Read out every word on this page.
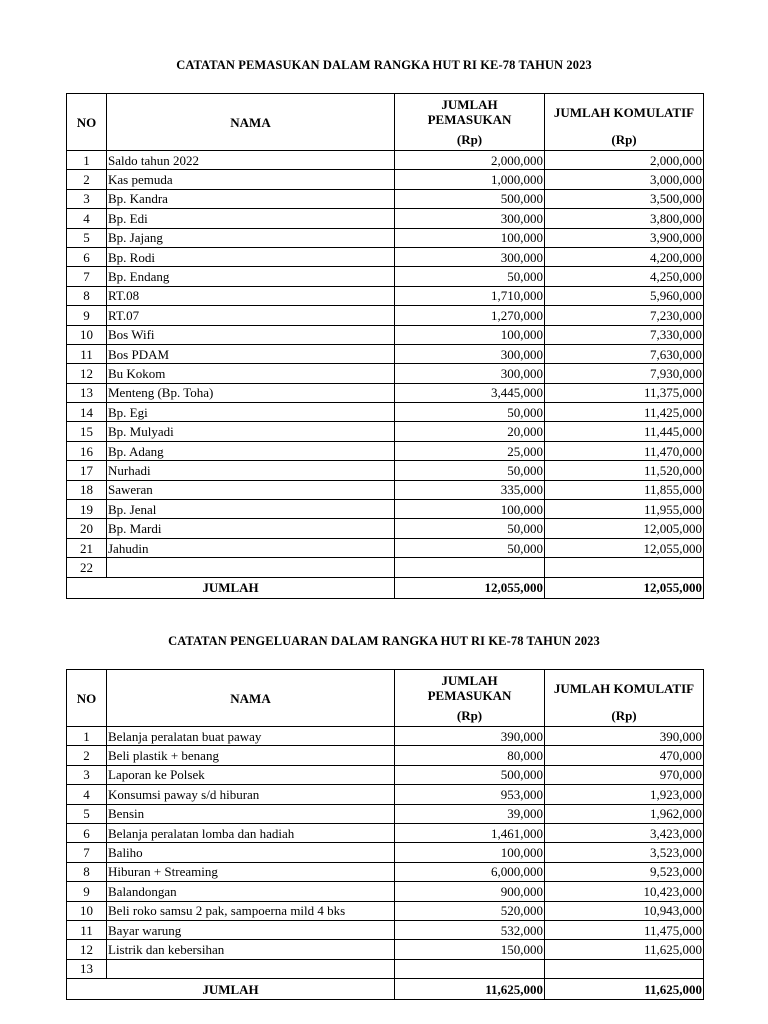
CATATAN PEMASUKAN DALAM RANGKA HUT RI KE-78 TAHUN 2023
NO	NAMA	JUMLAH PEMASUKAN	JUMLAH KOMULATIF
		(Rp)	(Rp)
1	Saldo tahun 2022	2,000,000	2,000,000
2	Kas pemuda	1,000,000	3,000,000
3	Bp. Kandra	500,000	3,500,000
4	Bp. Edi	300,000	3,800,000
5	Bp. Jajang	100,000	3,900,000
6	Bp. Rodi	300,000	4,200,000
7	Bp. Endang	50,000	4,250,000
8	RT.08	1,710,000	5,960,000
9	RT.07	1,270,000	7,230,000
10	Bos Wifi	100,000	7,330,000
11	Bos PDAM	300,000	7,630,000
12	Bu Kokom	300,000	7,930,000
13	Menteng (Bp. Toha)	3,445,000	11,375,000
14	Bp. Egi	50,000	11,425,000
15	Bp. Mulyadi	20,000	11,445,000
16	Bp. Adang	25,000	11,470,000
17	Nurhadi	50,000	11,520,000
18	Saweran	335,000	11,855,000
19	Bp. Jenal	100,000	11,955,000
20	Bp. Mardi	50,000	12,005,000
21	Jahudin	50,000	12,055,000
22			
JUMLAH		12,055,000	12,055,000
CATATAN PENGELUARAN DALAM RANGKA HUT RI KE-78 TAHUN 2023
NO	NAMA	JUMLAH PEMASUKAN	JUMLAH KOMULATIF
		(Rp)	(Rp)
1	Belanja peralatan buat paway	390,000	390,000
2	Beli plastik + benang	80,000	470,000
3	Laporan ke Polsek	500,000	970,000
4	Konsumsi paway s/d hiburan	953,000	1,923,000
5	Bensin	39,000	1,962,000
6	Belanja peralatan lomba dan hadiah	1,461,000	3,423,000
7	Baliho	100,000	3,523,000
8	Hiburan + Streaming	6,000,000	9,523,000
9	Balandongan	900,000	10,423,000
10	Beli roko samsu 2 pak, sampoerna mild 4 bks	520,000	10,943,000
11	Bayar warung	532,000	11,475,000
12	Listrik dan kebersihan	150,000	11,625,000
13			
JUMLAH		11,625,000	11,625,000
